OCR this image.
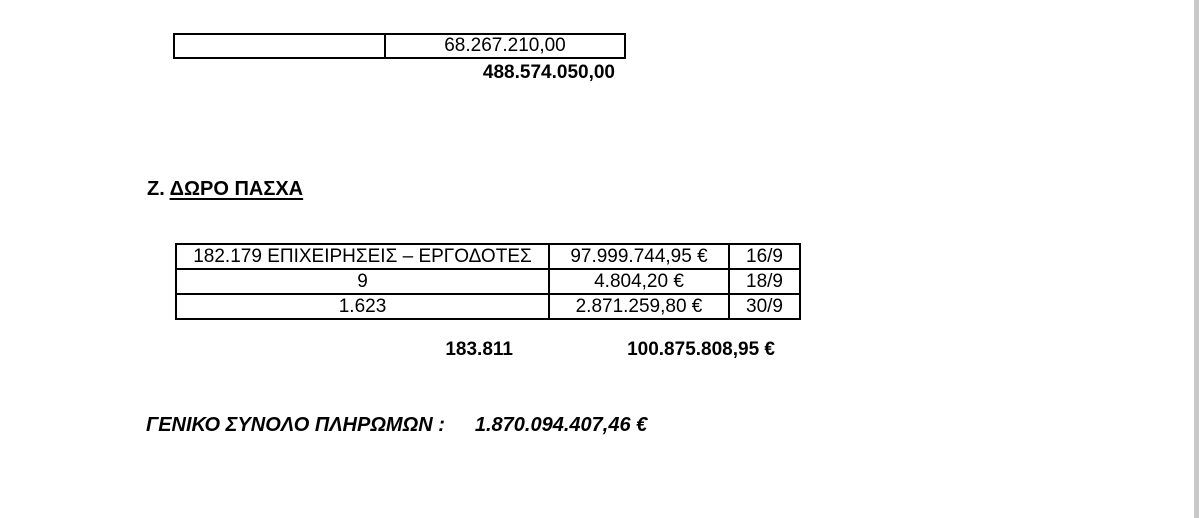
	68.267.210,00
488.574.050,00
Ζ. ΔΩΡΟ ΠΑΣΧΑ
182.179 ΕΠΙΧΕΙΡΗΣΕΙΣ – ΕΡΓΟΔΟΤΕΣ	97.999.744,95 €	16/9
9	4.804,20 €	18/9
1.623	2.871.259,80 €	30/9
183.811	100.875.808,95 €
ΓΕΝΙΚΟ ΣΥΝΟΛΟ ΠΛΗΡΩΜΩΝ : 1.870.094.407,46 €
